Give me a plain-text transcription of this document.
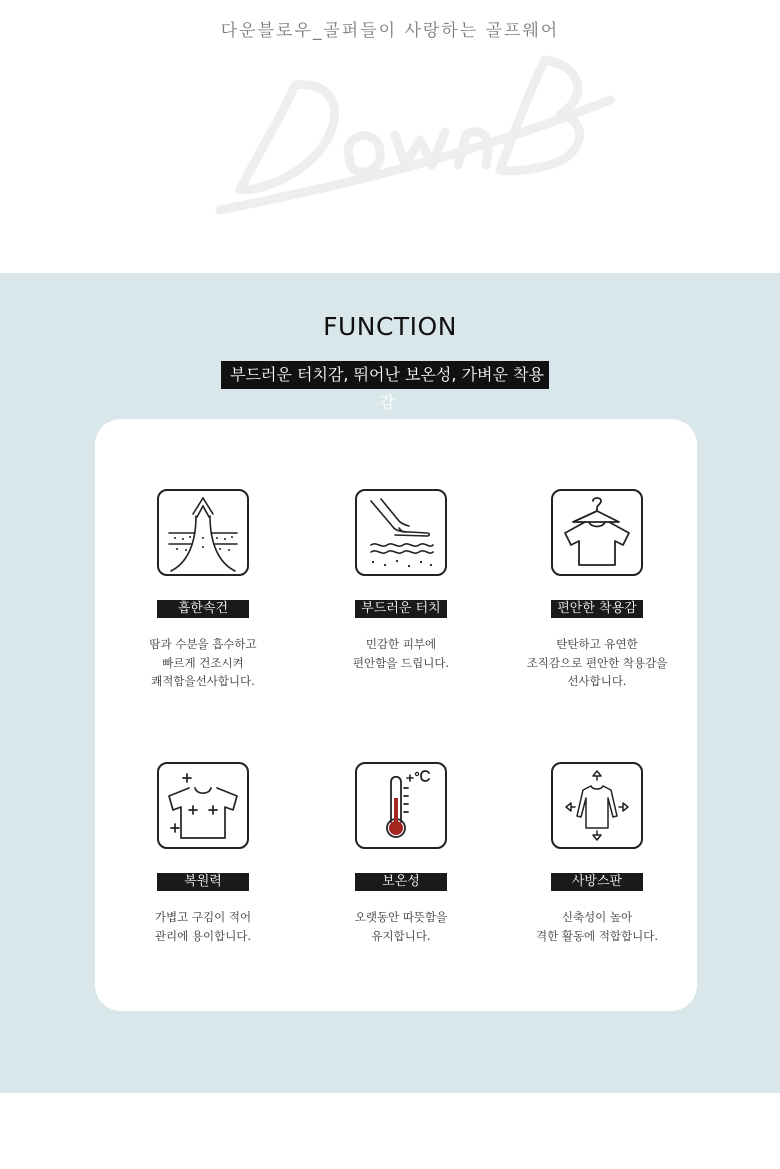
다운블로우_골퍼들이 사랑하는 골프웨어
FUNCTION
부드러운 터치감, 뛰어난 보온성, 가벼운 착용감
흡한속건
땀과 수분을 흡수하고
빠르게 건조시켜
쾌적함을선사합니다.
부드러운 터치
민감한 피부에
편안함을 드립니다.
편안한 착용감
탄탄하고 유연한
조직감으로 편안한 착용감을
선사합니다.
복원력
가볍고 구김이 적어
관리에 용이합니다.
보온성
오랫동안 따뜻함을
유지합니다.
사방스판
신축성이 높아
격한 활동에 적합합니다.
